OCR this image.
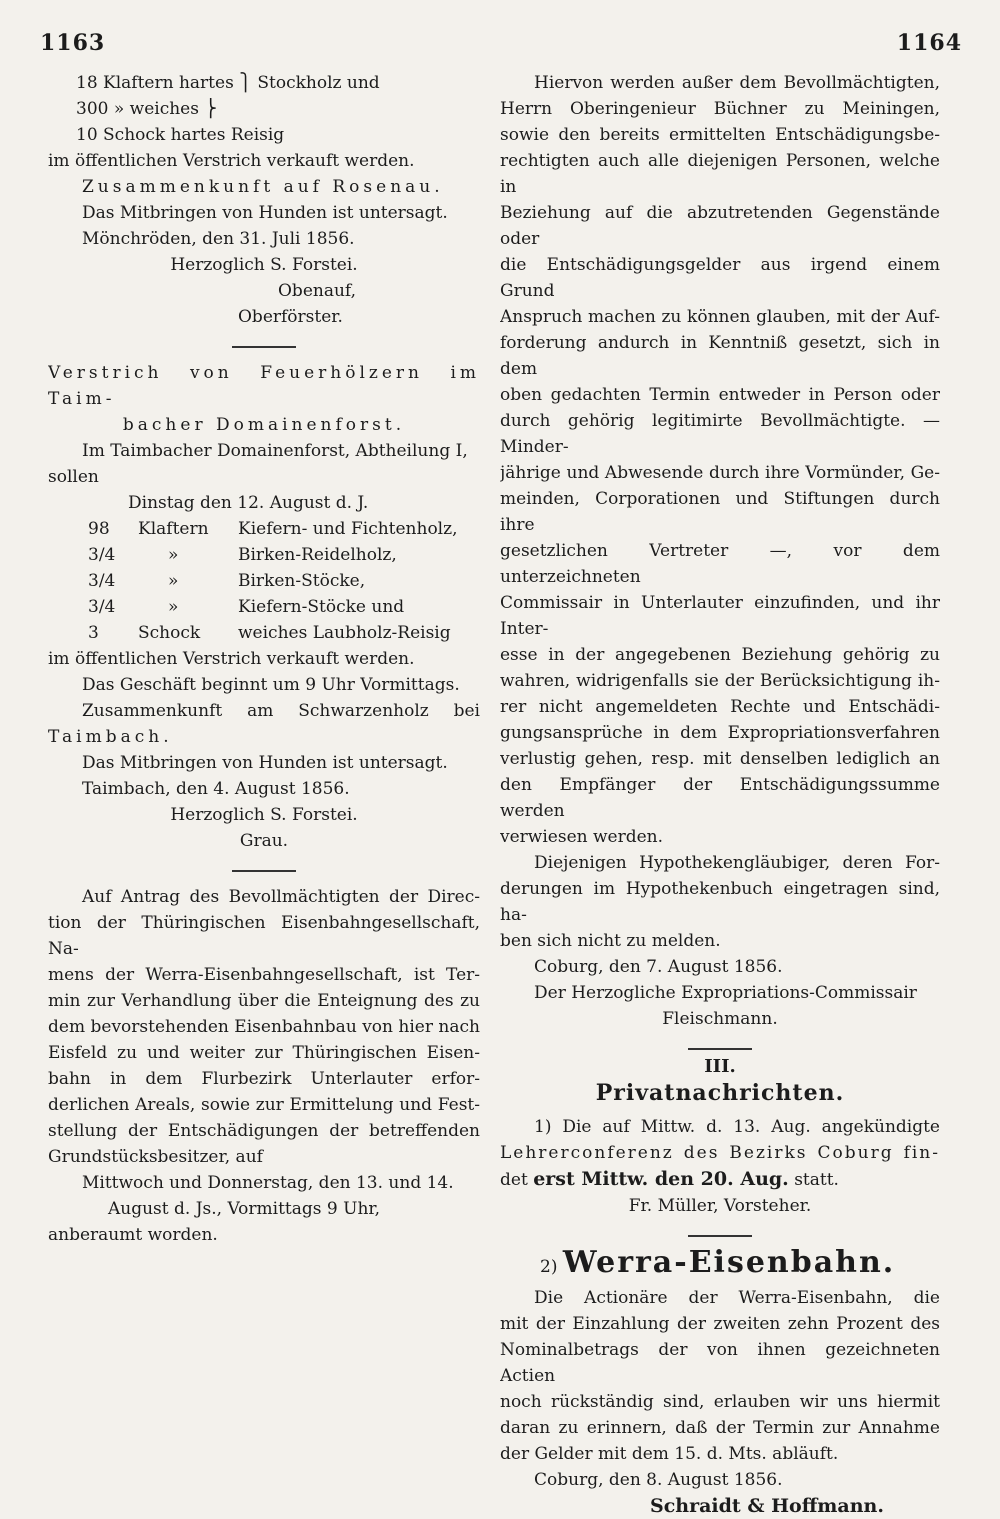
1163	1164
18 Klaftern hartes ⎫ Stockholz und
300 » weiches ⎬
10 Schock hartes Reisig
im öffentlichen Verstrich verkauft werden.
Zusammenkunft auf Rosenau.
Das Mitbringen von Hunden ist untersagt.
Mönchröden, den 31. Juli 1856.
Herzoglich S. Forstei.
Obenauf,
Oberförster.
Verstrich von Feuerhölzern im Taim-
bacher Domainenforst.
Im Taimbacher Domainenforst, Abtheilung I,
sollen
Dinstag den 12. August d. J.
98	Klaftern	Kiefern- und Fichtenholz,
3/4	»	Birken-Reidelholz,
3/4	»	Birken-Stöcke,
3/4	»	Kiefern-Stöcke und
3	Schock	weiches Laubholz-Reisig
im öffentlichen Verstrich verkauft werden.
Das Geschäft beginnt um 9 Uhr Vormittags.
Zusammenkunft am Schwarzenholz bei
Taimbach.
Das Mitbringen von Hunden ist untersagt.
Taimbach, den 4. August 1856.
Herzoglich S. Forstei.
Grau.
Auf Antrag des Bevollmächtigten der Direc-
tion der Thüringischen Eisenbahngesellschaft, Na-
mens der Werra-Eisenbahngesellschaft, ist Ter-
min zur Verhandlung über die Enteignung des zu
dem bevorstehenden Eisenbahnbau von hier nach
Eisfeld zu und weiter zur Thüringischen Eisen-
bahn in dem Flurbezirk Unterlauter erfor-
derlichen Areals, sowie zur Ermittelung und Fest-
stellung der Entschädigungen der betreffenden
Grundstücksbesitzer, auf
Mittwoch und Donnerstag, den 13. und 14.
August d. Js., Vormittags 9 Uhr,
anberaumt worden.
Hiervon werden außer dem Bevollmächtigten,
Herrn Oberingenieur Büchner zu Meiningen,
sowie den bereits ermittelten Entschädigungsbe-
rechtigten auch alle diejenigen Personen, welche in
Beziehung auf die abzutretenden Gegenstände oder
die Entschädigungsgelder aus irgend einem Grund
Anspruch machen zu können glauben, mit der Auf-
forderung andurch in Kenntniß gesetzt, sich in dem
oben gedachten Termin entweder in Person oder
durch gehörig legitimirte Bevollmächtigte. — Minder-
jährige und Abwesende durch ihre Vormünder, Ge-
meinden, Corporationen und Stiftungen durch ihre
gesetzlichen Vertreter —, vor dem unterzeichneten
Commissair in Unterlauter einzufinden, und ihr Inter-
esse in der angegebenen Beziehung gehörig zu
wahren, widrigenfalls sie der Berücksichtigung ih-
rer nicht angemeldeten Rechte und Entschädi-
gungsansprüche in dem Expropriationsverfahren
verlustig gehen, resp. mit denselben lediglich an
den Empfänger der Entschädigungssumme werden
verwiesen werden.
Diejenigen Hypothekengläubiger, deren For-
derungen im Hypothekenbuch eingetragen sind, ha-
ben sich nicht zu melden.
Coburg, den 7. August 1856.
Der Herzogliche Expropriations-Commissair
Fleischmann.
III.
Privatnachrichten.
1) Die auf Mittw. d. 13. Aug. angekündigte
Lehrerconferenz des Bezirks Coburg fin-
det erst Mittw. den 20. Aug. statt.
Fr. Müller, Vorsteher.
2) Werra-Eisenbahn.
Die Actionäre der Werra-Eisenbahn, die
mit der Einzahlung der zweiten zehn Prozent des
Nominalbetrags der von ihnen gezeichneten Actien
noch rückständig sind, erlauben wir uns hiermit
daran zu erinnern, daß der Termin zur Annahme
der Gelder mit dem 15. d. Mts. abläuft.
Coburg, den 8. August 1856.
Schraidt & Hoffmann.
